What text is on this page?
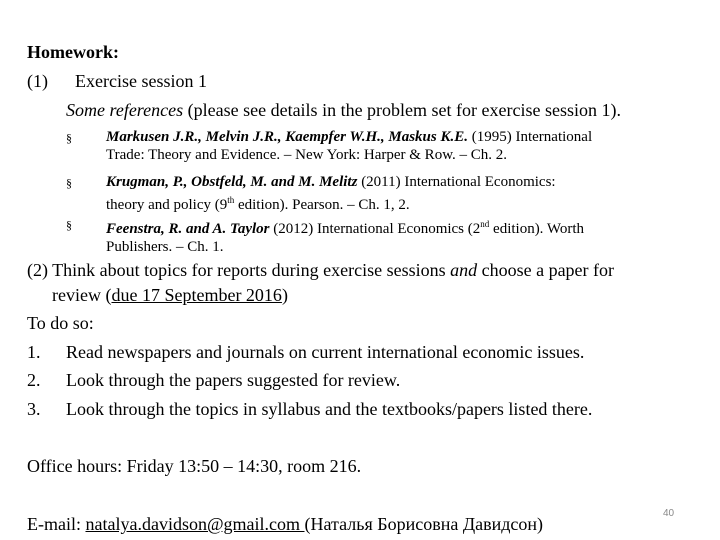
Homework:
(1) Exercise session 1
Some references (please see details in the problem set for exercise session 1).
§ Markusen J.R., Melvin J.R., Kaempfer W.H., Maskus K.E. (1995) International
Trade: Theory and Evidence. – New York: Harper & Row. – Ch. 2.
§ Krugman, P., Obstfeld, M. and M. Melitz (2011) International Economics:
theory and policy (9th edition). Pearson. – Ch. 1, 2.
§ Feenstra, R. and A. Taylor (2012) International Economics (2nd edition). Worth
Publishers. – Ch. 1.
(2) Think about topics for reports during exercise sessions and choose a paper for
review (due 17 September 2016)
To do so:
1. Read newspapers and journals on current international economic issues.
2. Look through the papers suggested for review.
3. Look through the topics in syllabus and the textbooks/papers listed there.
Office hours: Friday 13:50 – 14:30, room 216.
E-mail: natalya.davidson@gmail.com (Наталья Борисовна Давидсон)
40
